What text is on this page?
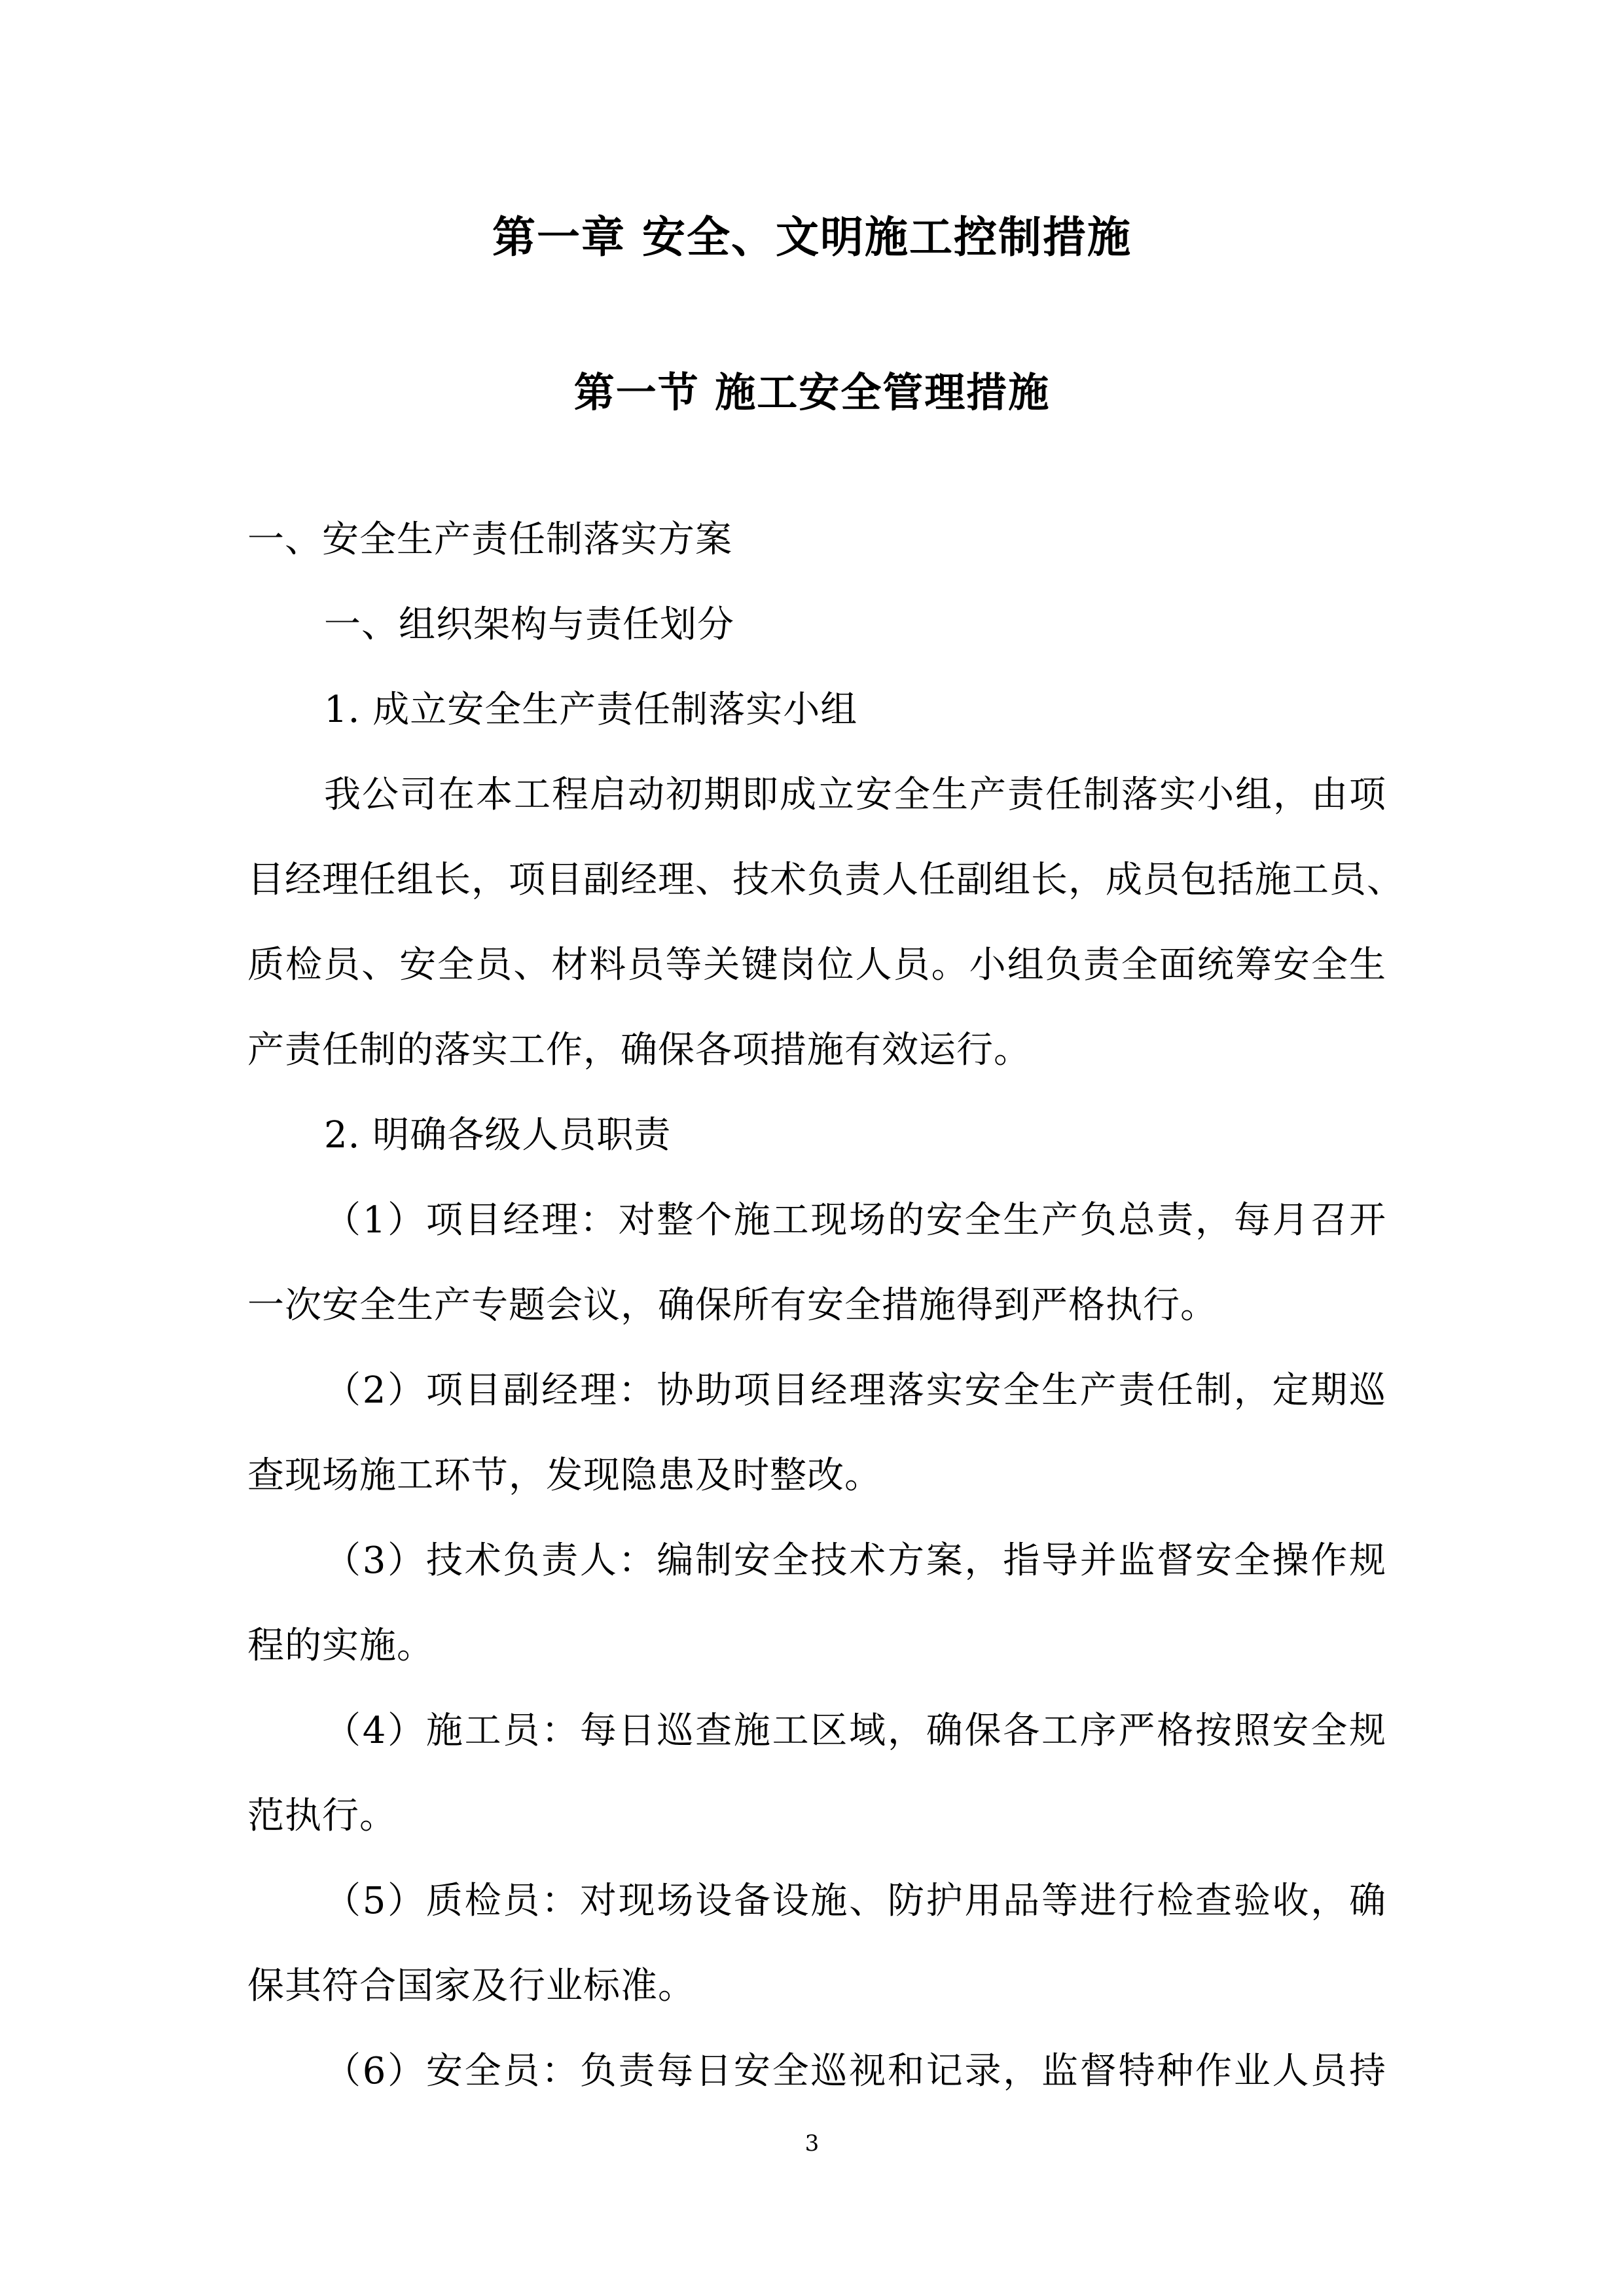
第一章 安全、文明施工控制措施
第一节 施工安全管理措施
一、安全生产责任制落实方案
一、组织架构与责任划分
1. 成立安全生产责任制落实小组
我公司在本工程启动初期即成立安全生产责任制落实小组，由项
目经理任组长，项目副经理、技术负责人任副组长，成员包括施工员、
质检员、安全员、材料员等关键岗位人员。小组负责全面统筹安全生
产责任制的落实工作，确保各项措施有效运行。
2. 明确各级人员职责
（1）项目经理：对整个施工现场的安全生产负总责，每月召开
一次安全生产专题会议，确保所有安全措施得到严格执行。
（2）项目副经理：协助项目经理落实安全生产责任制，定期巡
查现场施工环节，发现隐患及时整改。
（3）技术负责人：编制安全技术方案，指导并监督安全操作规
程的实施。
（4）施工员：每日巡查施工区域，确保各工序严格按照安全规
范执行。
（5）质检员：对现场设备设施、防护用品等进行检查验收，确
保其符合国家及行业标准。
（6）安全员：负责每日安全巡视和记录，监督特种作业人员持
3
